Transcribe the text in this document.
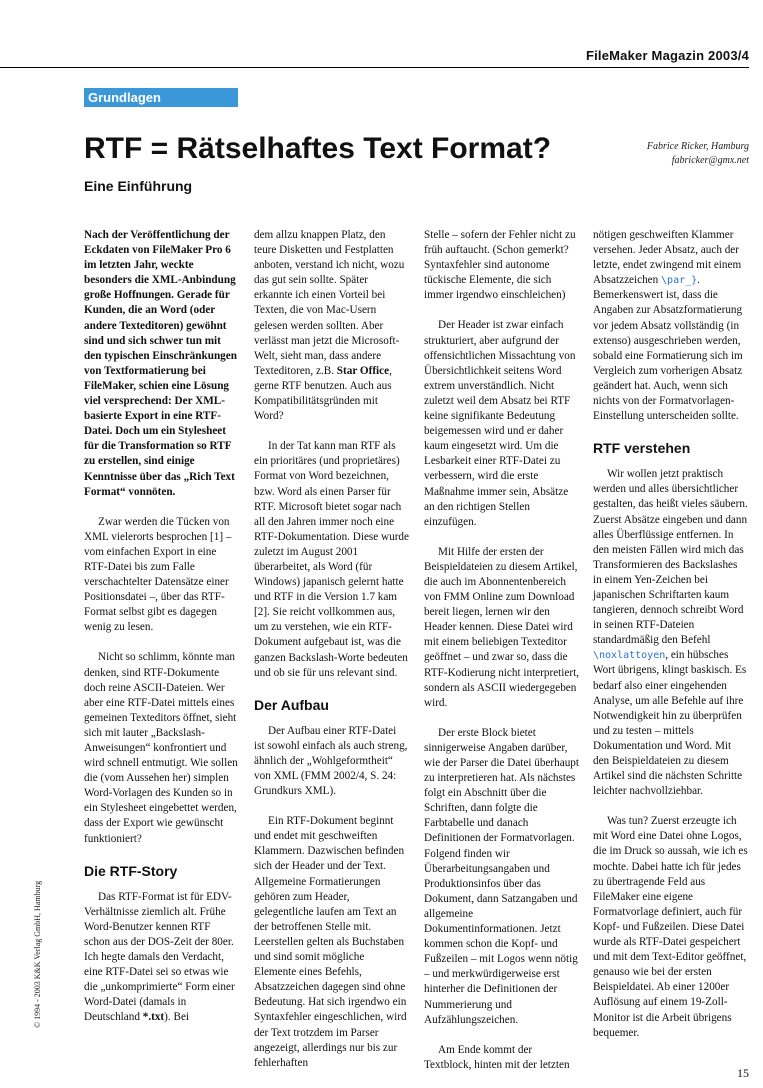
FileMaker Magazin 2003/4
Grundlagen
RTF = Rätselhaftes Text Format?
Eine Einführung
Fabrice Ricker, Hamburg
fabricker@gmx.net

Nach der Veröffentlichung der Eckdaten von FileMaker Pro 6 im letzten Jahr, weckte besonders die XML-Anbindung große Hoffnungen. Gerade für Kunden, die an Word (oder andere Texteditoren) gewöhnt sind und sich schwer tun mit den typischen Einschränkungen von Textformatierung bei FileMaker, schien eine Lösung viel versprechend: Der XML-basierte Export in eine RTF-Datei. Doch um ein Stylesheet für die Transformation so RTF zu erstellen, sind einige Kenntnisse über das „Rich Text Format“ vonnöten.

Zwar werden die Tücken von XML vielerorts besprochen [1] – vom einfachen Export in eine RTF-Datei bis zum Falle verschachtelter Datensätze einer Positionsdatei –, über das RTF-Format selbst gibt es dagegen wenig zu lesen.

Nicht so schlimm, könnte man denken, sind RTF-Dokumente doch reine ASCII-Dateien. Wer aber eine RTF-Datei mittels eines gemeinen Texteditors öffnet, sieht sich mit lauter „Backslash-Anweisungen“ konfrontiert und wird schnell entmutigt. Wie sollen die (vom Aussehen her) simplen Word-Vorlagen des Kunden so in ein Stylesheet eingebettet werden, dass der Export wie gewünscht funktioniert?

Die RTF-Story

Das RTF-Format ist für EDV-Verhältnisse ziemlich alt. Frühe Word-Benutzer kennen RTF schon aus der DOS-Zeit der 80er. Ich hegte damals den Verdacht, eine RTF-Datei sei so etwas wie die „unkomprimierte“ Form einer Word-Datei (damals in Deutschland *.txt). Bei

dem allzu knappen Platz, den teure Disketten und Festplatten anboten, verstand ich nicht, wozu das gut sein sollte. Später erkannte ich einen Vorteil bei Texten, die von Mac-Usern gelesen werden sollten. Aber verlässt man jetzt die Microsoft-Welt, sieht man, dass andere Texteditoren, z.B. Star Office, gerne RTF benutzen. Auch aus Kompatibilitätsgründen mit Word?

In der Tat kann man RTF als ein prioritäres (und proprietäres) Format von Word bezeichnen, bzw. Word als einen Parser für RTF. Microsoft bietet sogar nach all den Jahren immer noch eine RTF-Dokumentation. Diese wurde zuletzt im August 2001 überarbeitet, als Word (für Windows) japanisch gelernt hatte und RTF in die Version 1.7 kam [2]. Sie reicht vollkommen aus, um zu verstehen, wie ein RTF-Dokument aufgebaut ist, was die ganzen Backslash-Worte bedeuten und ob sie für uns relevant sind.

Der Aufbau

Der Aufbau einer RTF-Datei ist sowohl einfach als auch streng, ähnlich der „Wohlgeformtheit“ von XML (FMM 2002/4, S. 24: Grundkurs XML).

Ein RTF-Dokument beginnt und endet mit geschweiften Klammern. Dazwischen befinden sich der Header und der Text. Allgemeine Formatierungen gehören zum Header, gelegentliche laufen am Text an der betroffenen Stelle mit. Leerstellen gelten als Buchstaben und sind somit mögliche Elemente eines Befehls, Absatzzeichen dagegen sind ohne Bedeutung. Hat sich irgendwo ein Syntaxfehler eingeschlichen, wird der Text trotzdem im Parser angezeigt, allerdings nur bis zur fehlerhaften

Stelle – sofern der Fehler nicht zu früh auftaucht. (Schon gemerkt? Syntaxfehler sind autonome tückische Elemente, die sich immer irgendwo einschleichen)

Der Header ist zwar einfach strukturiert, aber aufgrund der offensichtlichen Missachtung von Übersichtlichkeit seitens Word extrem unverständlich. Nicht zuletzt weil dem Absatz bei RTF keine signifikante Bedeutung beigemessen wird und er daher kaum eingesetzt wird. Um die Lesbarkeit einer RTF-Datei zu verbessern, wird die erste Maßnahme immer sein, Absätze an den richtigen Stellen einzufügen.

Mit Hilfe der ersten der Beispieldateien zu diesem Artikel, die auch im Abonnentenbereich von FMM Online zum Download bereit liegen, lernen wir den Header kennen. Diese Datei wird mit einem beliebigen Texteditor geöffnet – und zwar so, dass die RTF-Kodierung nicht interpretiert, sondern als ASCII wiedergegeben wird.

Der erste Block bietet sinnigerweise Angaben darüber, wie der Parser die Datei überhaupt zu interpretieren hat. Als nächstes folgt ein Abschnitt über die Schriften, dann folgte die Farbtabelle und danach Definitionen der Formatvorlagen. Folgend finden wir Überarbeitungsangaben und Produktionsinfos über das Dokument, dann Satzangaben und allgemeine Dokumentinformationen. Jetzt kommen schon die Kopf- und Fußzeilen – mit Logos wenn nötig – und merkwürdigerweise erst hinterher die Definitionen der Nummerierung und Aufzählungszeichen.

Am Ende kommt der Textblock, hinten mit der letzten

nötigen geschweiften Klammer versehen. Jeder Absatz, auch der letzte, endet zwingend mit einem Absatzzeichen \par_}. Bemerkenswert ist, dass die Angaben zur Absatzformatierung vor jedem Absatz vollständig (in extenso) ausgeschrieben werden, sobald eine Formatierung sich im Vergleich zum vorherigen Absatz geändert hat. Auch, wenn sich nichts von der Formatvorlagen-Einstellung unterscheiden sollte.

RTF verstehen

Wir wollen jetzt praktisch werden und alles übersichtlicher gestalten, das heißt vieles säubern. Zuerst Absätze eingeben und dann alles Überflüssige entfernen. In den meisten Fällen wird mich das Transformieren des Backslashes in einem Yen-Zeichen bei japanischen Schriftarten kaum tangieren, dennoch schreibt Word in seinen RTF-Dateien standardmäßig den Befehl \noxlattoyen, ein hübsches Wort übrigens, klingt baskisch. Es bedarf also einer eingehenden Analyse, um alle Befehle auf ihre Notwendigkeit hin zu überprüfen und zu testen – mittels Dokumentation und Word. Mit den Beispieldateien zu diesem Artikel sind die nächsten Schritte leichter nachvollziehbar.

Was tun? Zuerst erzeugte ich mit Word eine Datei ohne Logos, die im Druck so aussah, wie ich es mochte. Dabei hatte ich für jedes zu übertragende Feld aus FileMaker eine eigene Formatvorlage definiert, auch für Kopf- und Fußzeilen. Diese Datei wurde als RTF-Datei gespeichert und mit dem Text-Editor geöffnet, genauso wie bei der ersten Beispieldatei. Ab einer 1200er Auflösung auf einem 19-Zoll-Monitor ist die Arbeit übrigens bequemer.

© 1994 - 2003 K&K Verlag GmbH, Hamburg
15
